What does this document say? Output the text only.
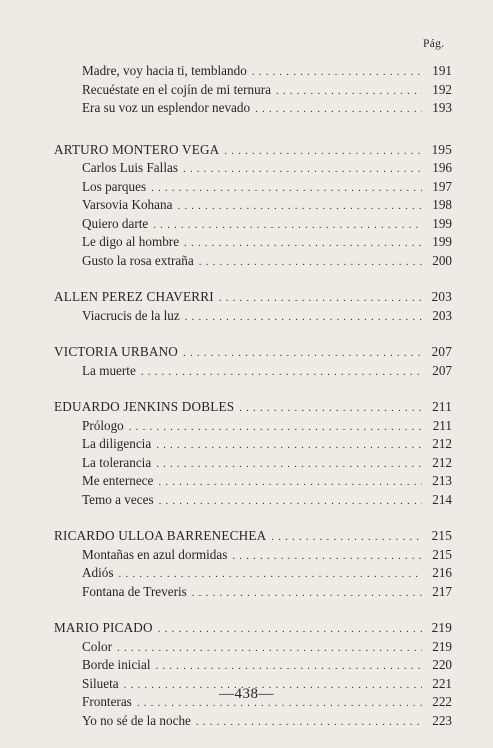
Pág.
Madre, voy hacia ti, temblando . . .	191
Recuéstate en el cojín de mi ternura . . .	192
Era su voz un esplendor nevado . . .	193
ARTURO MONTERO VEGA . . .	195
Carlos Luis Fallas . . .	196
Los parques . . .	197
Varsovia Kohana . . .	198
Quiero darte . . .	199
Le digo al hombre . . .	199
Gusto la rosa extraña . . .	200
ALLEN PEREZ CHAVERRI . . .	203
Viacrucis de la luz . . .	203
VICTORIA URBANO . . .	207
La muerte . . .	207
EDUARDO JENKINS DOBLES . . .	211
Prólogo . . .	211
La diligencia . . .	212
La tolerancia . . .	212
Me enternece . . .	213
Temo a veces . . .	214
RICARDO ULLOA BARRENECHEA . . .	215
Montañas en azul dormidas . . .	215
Adiós . . .	216
Fontana de Treveris . . .	217
MARIO PICADO . . .	219
Color . . .	219
Borde inicial . . .	220
Silueta . . .	221
Fronteras . . .	222
Yo no sé de la noche . . .	223
—438—
